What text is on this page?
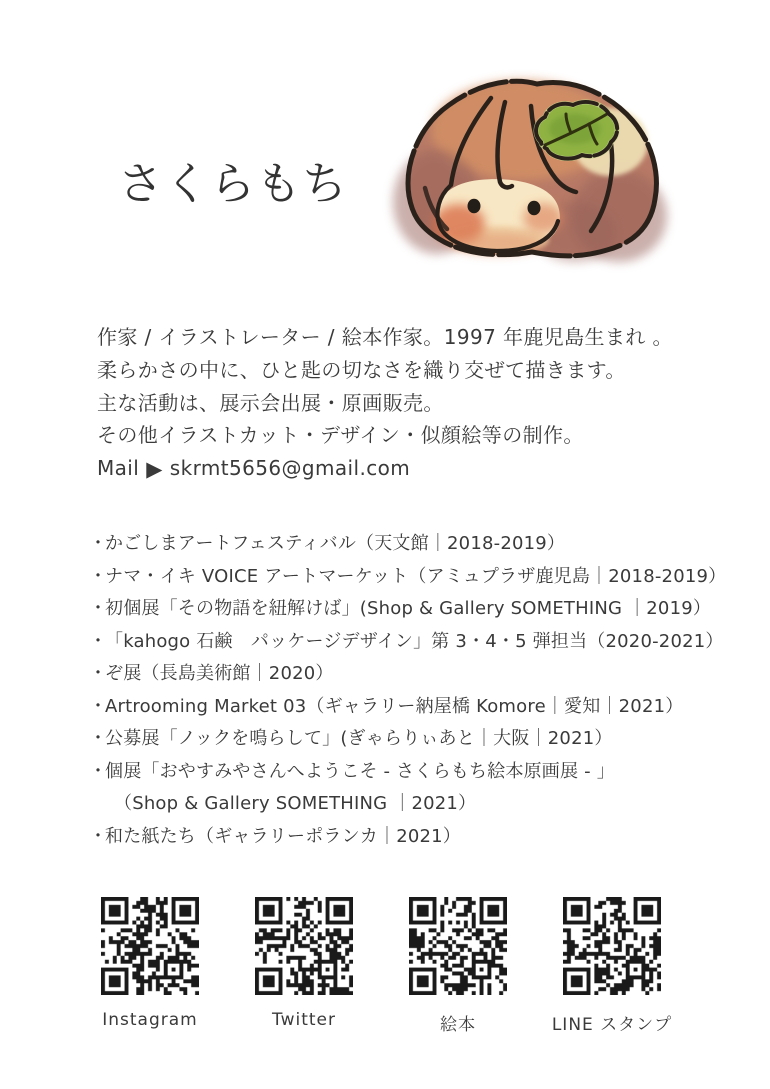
さくらもち

作家 / イラストレーター / 絵本作家。1997 年鹿児島生まれ 。

柔らかさの中に、ひと匙の切なさを織り交ぜて描きます。

主な活動は、展示会出展・原画販売。

その他イラストカット・デザイン・似顔絵等の制作。

Mail ▶ skrmt5656@gmail.com

・かごしまアートフェスティバル（天文館｜2018-2019）
・ナマ・イキ VOICE アートマーケット（アミュプラザ鹿児島｜2018-2019）
・初個展「その物語を紐解けば」(Shop & Gallery SOMETHING ｜2019）
・「kahogo 石鹸　パッケージデザイン」第 3・4・5 弾担当（2020-2021）
・ぞ展（長島美術館｜2020）
・Artrooming Market 03（ギャラリー納屋橋 Komore｜愛知｜2021）
・公募展「ノックを鳴らして」(ぎゃらりぃあと｜大阪｜2021）
・個展「おやすみやさんへようこそ - さくらもち絵本原画展 - 」
（Shop & Gallery SOMETHING ｜2021）
・和た紙たち（ギャラリーポランカ｜2021）
Instagram	Twitter	絵本	LINE スタンプ
